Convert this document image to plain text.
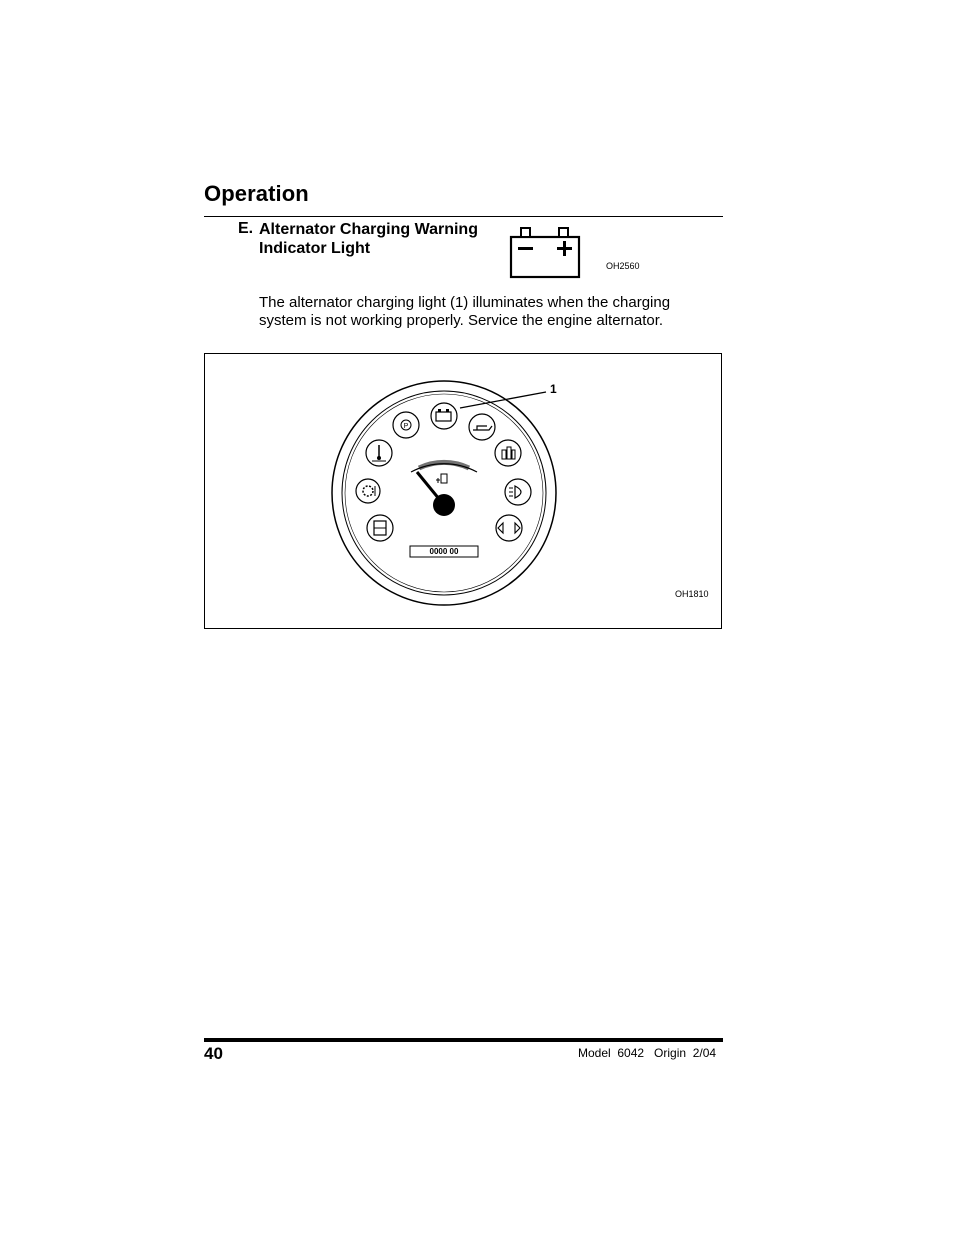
Operation
E. Alternator Charging Warning Indicator Light
OH2560
The alternator charging light (1) illuminates when the charging system is not working properly. Service the engine alternator.
P
0000 00
1
OH1810
40	Model  6042   Origin  2/04
